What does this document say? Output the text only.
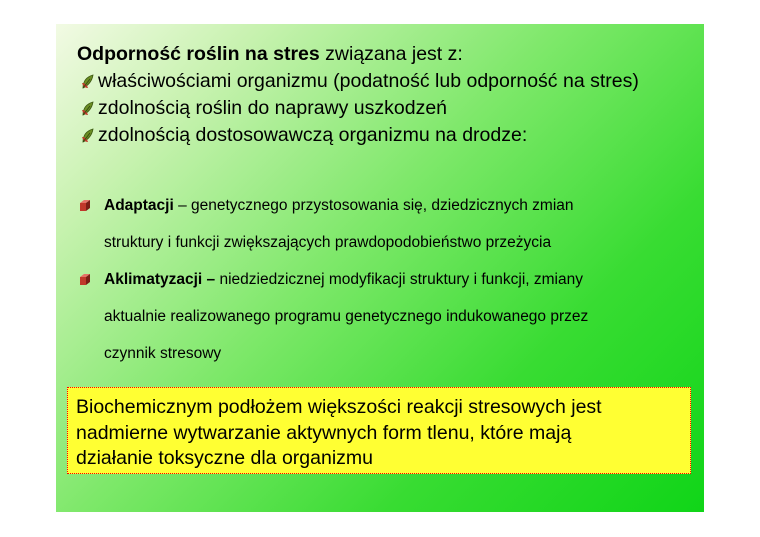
Odporność roślin na stres związana jest z:
właściwościami organizmu (podatność lub odporność na stres)
zdolnością roślin do naprawy uszkodzeń
zdolnością dostosowawczą organizmu na drodze:
Adaptacji – genetycznego przystosowania się, dziedzicznych zmian
struktury i funkcji zwiększających prawdopodobieństwo przeżycia
Aklimatyzacji – niedziedzicznej modyfikacji struktury i funkcji, zmiany
aktualnie realizowanego programu genetycznego indukowanego przez
czynnik stresowy
Biochemicznym podłożem większości reakcji stresowych jest
nadmierne wytwarzanie aktywnych form tlenu, które mają
działanie toksyczne dla organizmu
